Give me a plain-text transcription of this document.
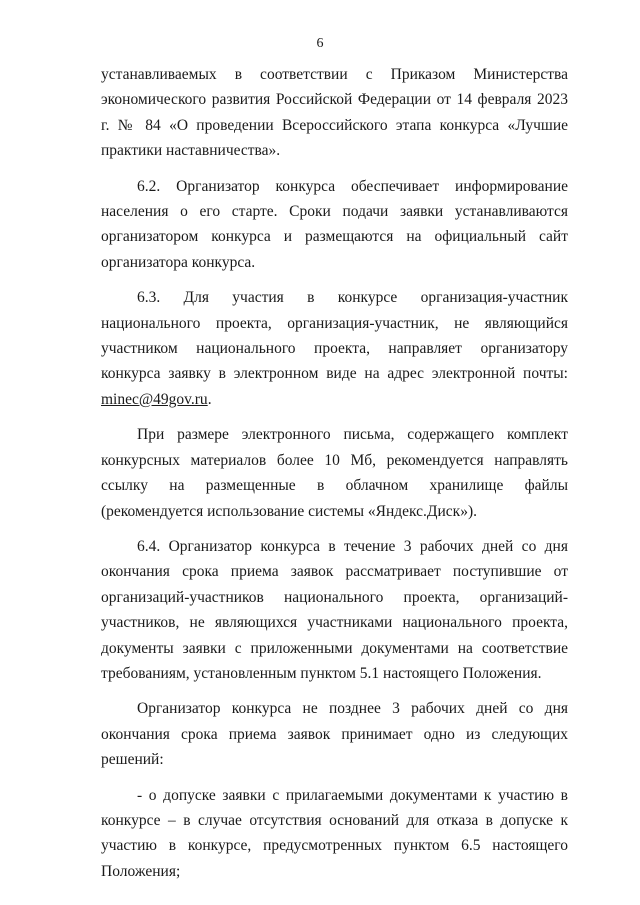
6

устанавливаемых в соответствии с Приказом Министерства экономического развития Российской Федерации от 14 февраля 2023 г. № 84 «О проведении Всероссийского этапа конкурса «Лучшие практики наставничества».

6.2. Организатор конкурса обеспечивает информирование населения о его старте. Сроки подачи заявки устанавливаются организатором конкурса и размещаются на официальный сайт организатора конкурса.

6.3. Для участия в конкурсе организация-участник национального проекта, организация-участник, не являющийся участником национального проекта, направляет организатору конкурса заявку в электронном виде на адрес электронной почты: minec@49gov.ru.

При размере электронного письма, содержащего комплект конкурсных материалов более 10 Мб, рекомендуется направлять ссылку на размещенные в облачном хранилище файлы (рекомендуется использование системы «Яндекс.Диск»).

6.4. Организатор конкурса в течение 3 рабочих дней со дня окончания срока приема заявок рассматривает поступившие от организаций-участников национального проекта, организаций-участников, не являющихся участниками национального проекта, документы заявки с приложенными документами на соответствие требованиям, установленным пунктом 5.1 настоящего Положения.

Организатор конкурса не позднее 3 рабочих дней со дня окончания срока приема заявок принимает одно из следующих решений:

- о допуске заявки с прилагаемыми документами к участию в конкурсе – в случае отсутствия оснований для отказа в допуске к участию в конкурсе, предусмотренных пунктом 6.5 настоящего Положения;
